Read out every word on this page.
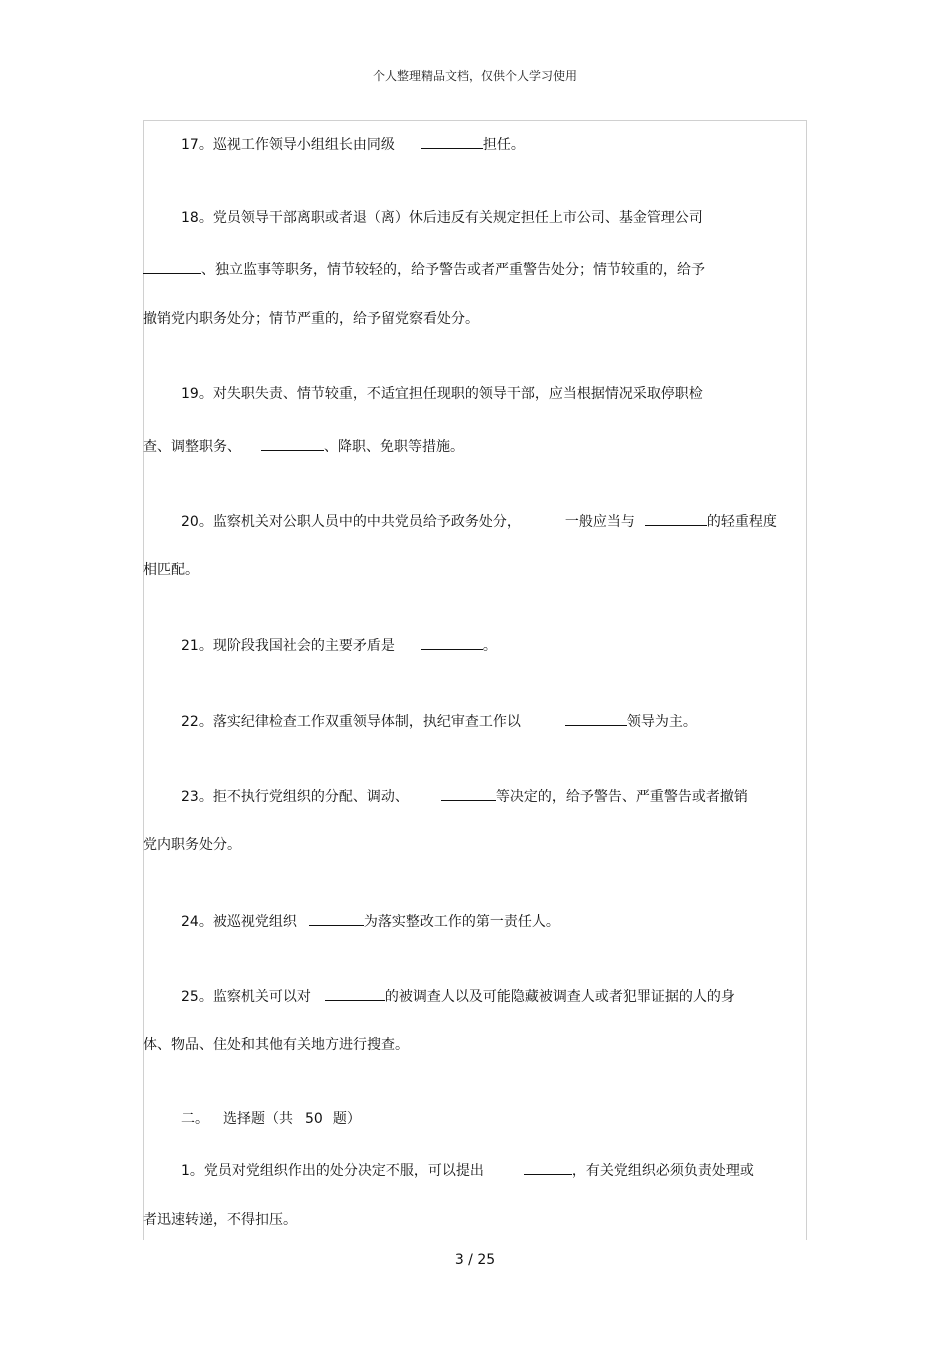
个人整理精品文档，仅供个人学习使用
17。巡视工作领导小组组长由同级	担任。
18。党员领导干部离职或者退（离）休后违反有关规定担任上市公司、基金管理公司
、独立监事等职务，情节较轻的，给予警告或者严重警告处分；情节较重的，给予
撤销党内职务处分；情节严重的，给予留党察看处分。
19。对失职失责、情节较重，不适宜担任现职的领导干部，应当根据情况采取停职检
查、调整职务、	、降职、免职等措施。
20。监察机关对公职人员中的中共党员给予政务处分，	一般应当与	的轻重程度
相匹配。
21。现阶段我国社会的主要矛盾是	。
22。落实纪律检查工作双重领导体制，执纪审查工作以	领导为主。
23。拒不执行党组织的分配、调动、	等决定的，给予警告、严重警告或者撤销
党内职务处分。
24。被巡视党组织	为落实整改工作的第一责任人。
25。监察机关可以对	的被调查人以及可能隐藏被调查人或者犯罪证据的人的身
体、物品、住处和其他有关地方进行搜查。
二。 选择题（共 50 题）
1。党员对党组织作出的处分决定不服，可以提出	，有关党组织必须负责处理或
者迅速转递，不得扣压。
3 / 25
